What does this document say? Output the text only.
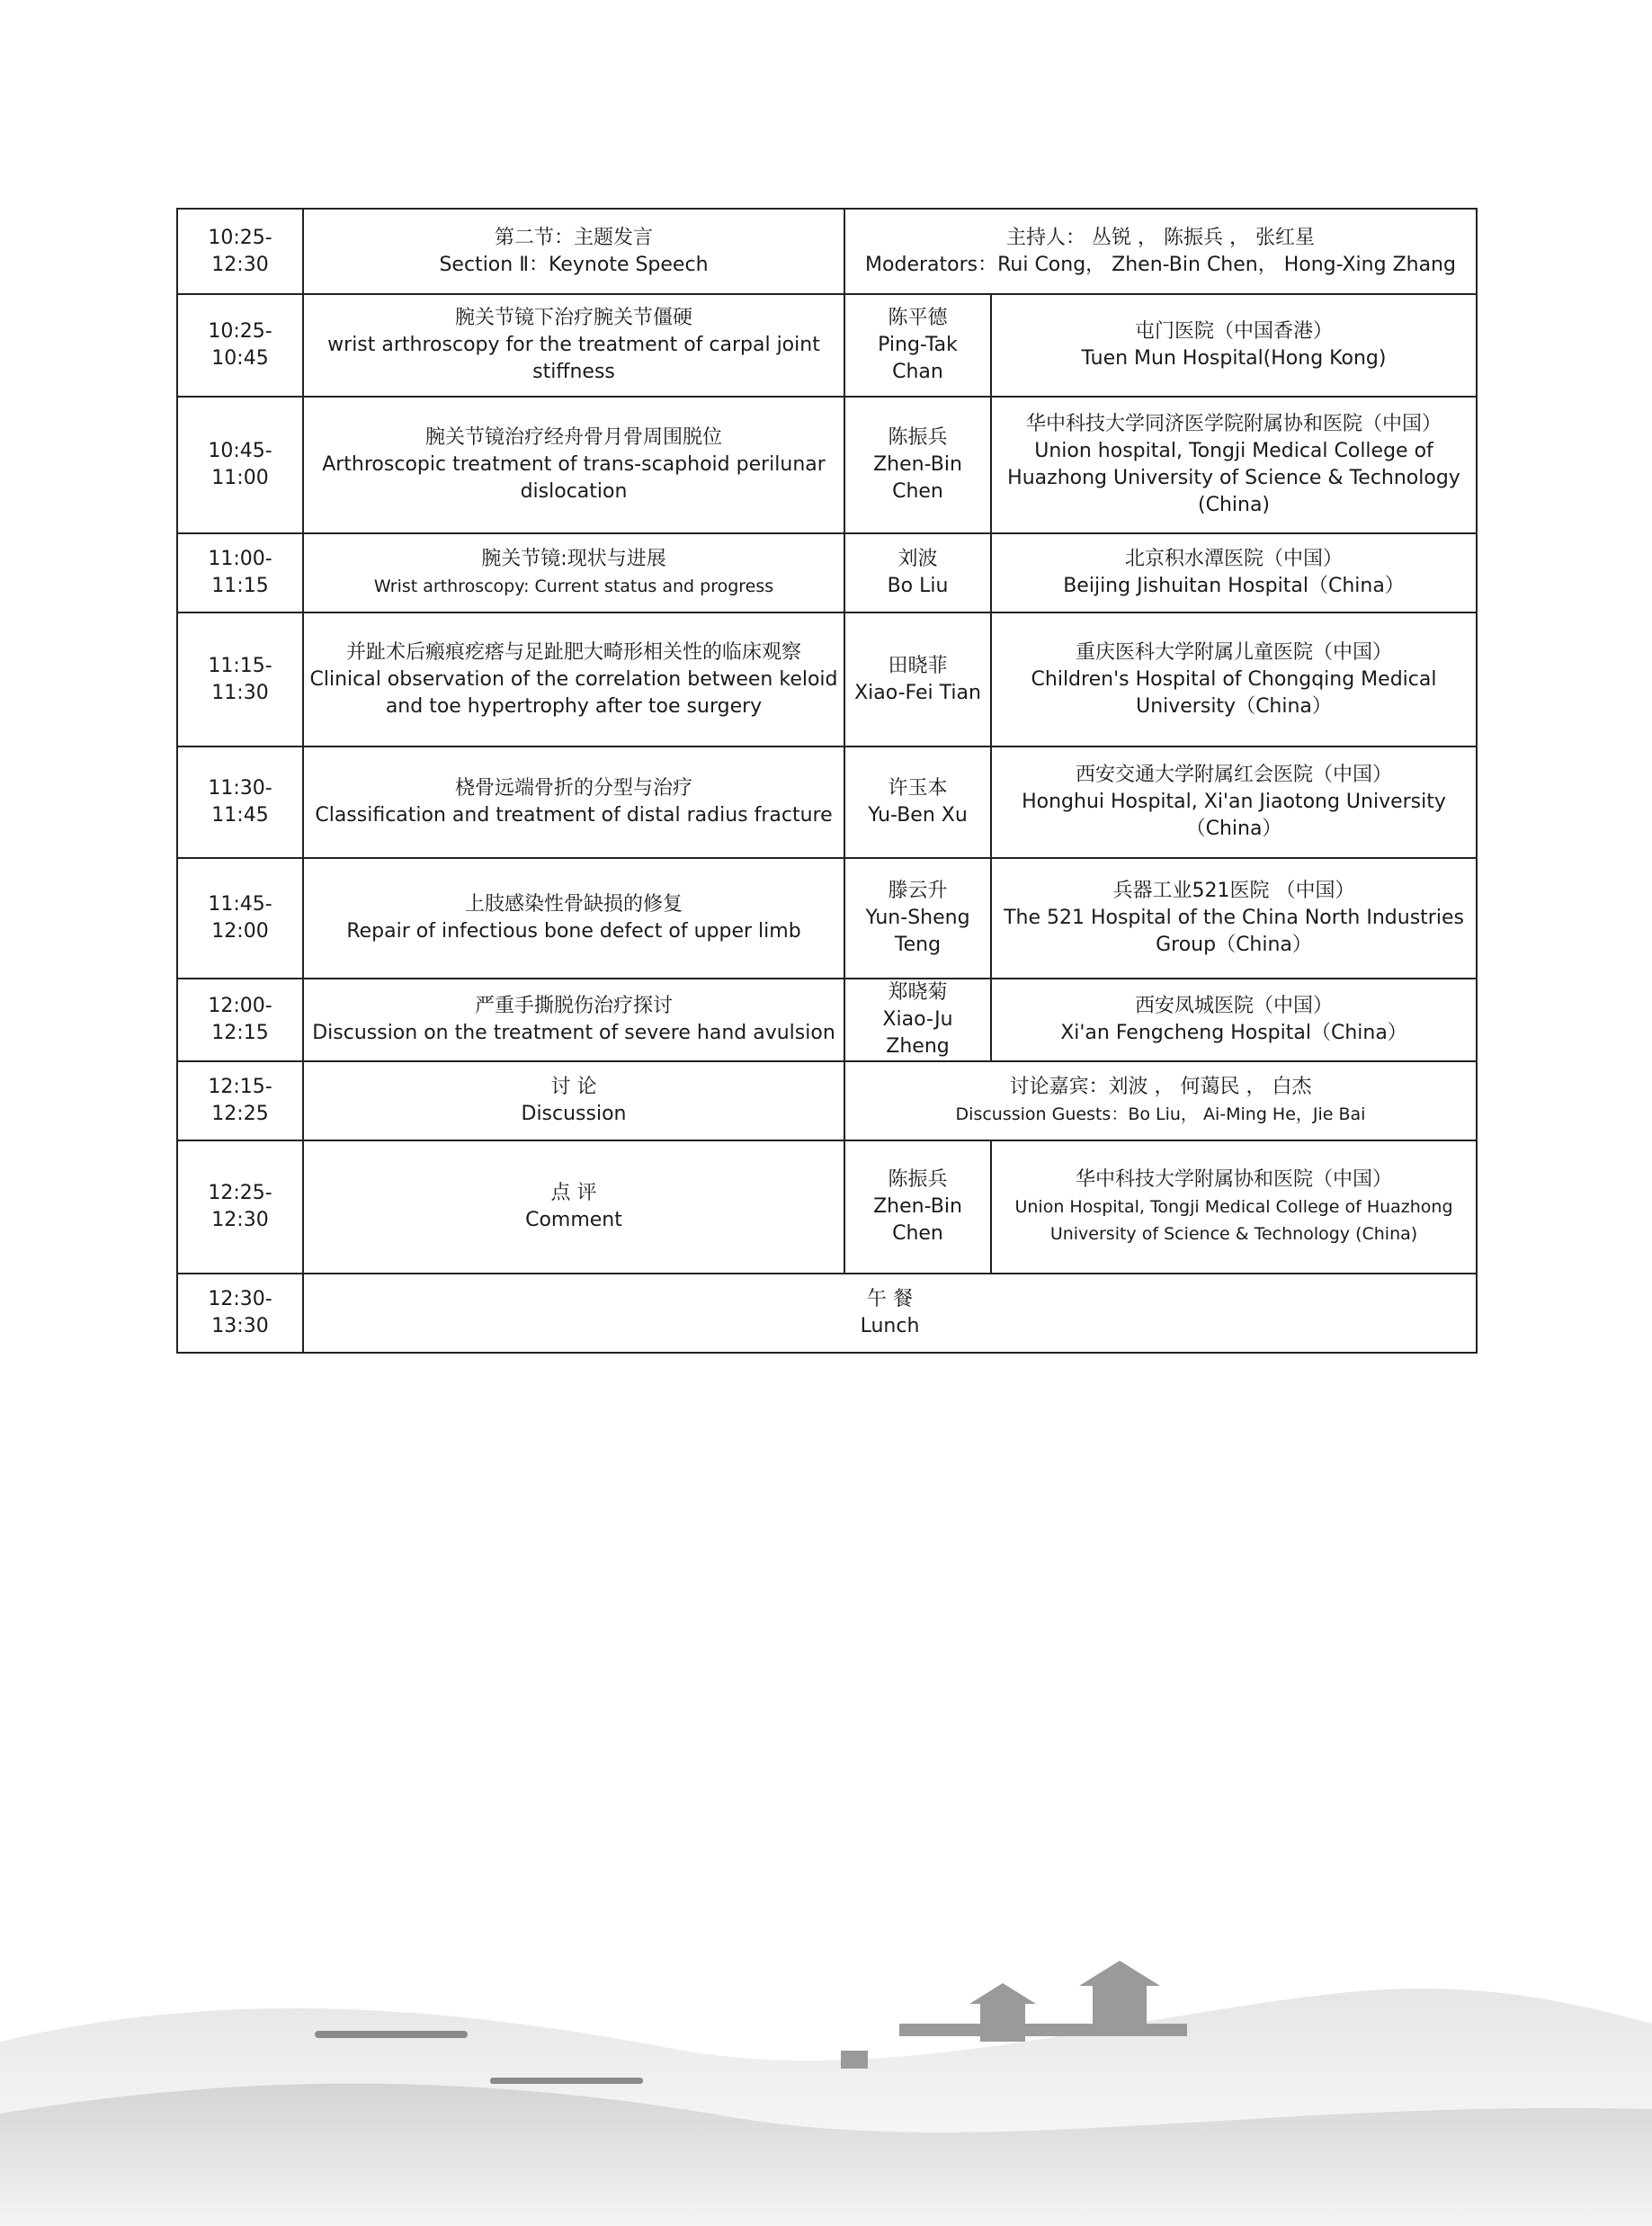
10:25-12:30	第二节：主题发言
Section Ⅱ：Keynote Speech	主持人： 丛锐 ， 陈振兵 ， 张红星
Moderators：Rui Cong， Zhen-Bin Chen， Hong-Xing Zhang	

10:25-10:45	腕关节镜下治疗腕关节僵硬
wrist arthroscopy for the treatment of carpal joint stiffness	陈平德
Ping-Tak Chan	屯门医院（中国香港）
Tuen Mun Hospital(Hong Kong)

10:45-11:00	腕关节镜治疗经舟骨月骨周围脱位
Arthroscopic treatment of trans-scaphoid perilunar dislocation	陈振兵
Zhen-Bin Chen	华中科技大学同济医学院附属协和医院（中国）
Union hospital, Tongji Medical College of Huazhong University of Science & Technology (China)

11:00-11:15	腕关节镜:现状与进展
Wrist arthroscopy: Current status and progress	刘波
Bo Liu	北京积水潭医院（中国）
Beijing Jishuitan Hospital（China）

11:15-11:30	并趾术后瘢痕疙瘩与足趾肥大畸形相关性的临床观察
Clinical observation of the correlation between keloid and toe hypertrophy after toe surgery	田晓菲
Xiao-Fei Tian	重庆医科大学附属儿童医院（中国）
Children's Hospital of Chongqing Medical University（China）

11:30-11:45	桡骨远端骨折的分型与治疗
Classification and treatment of distal radius fracture	许玉本
Yu-Ben Xu	西安交通大学附属红会医院（中国）
Honghui Hospital, Xi'an Jiaotong University （China）

11:45-12:00	上肢感染性骨缺损的修复
Repair of infectious bone defect of upper limb	滕云升
Yun-Sheng Teng	兵器工业521医院 （中国）
The 521 Hospital of the China North Industries Group（China）

12:00-12:15	严重手撕脱伤治疗探讨
Discussion on the treatment of severe hand avulsion	郑晓菊
Xiao-Ju Zheng	西安凤城医院（中国）
Xi'an Fengcheng Hospital（China）

12:15-12:25	讨 论
Discussion	讨论嘉宾：刘波 ， 何蔼民 ， 白杰
Discussion Guests：Bo Liu， Ai-Ming He，Jie Bai	

12:25-12:30	点 评
Comment	陈振兵
Zhen-Bin Chen	华中科技大学附属协和医院（中国）
Union Hospital, Tongji Medical College of Huazhong University of Science & Technology (China)

12:30-13:30	午 餐
Lunch		
